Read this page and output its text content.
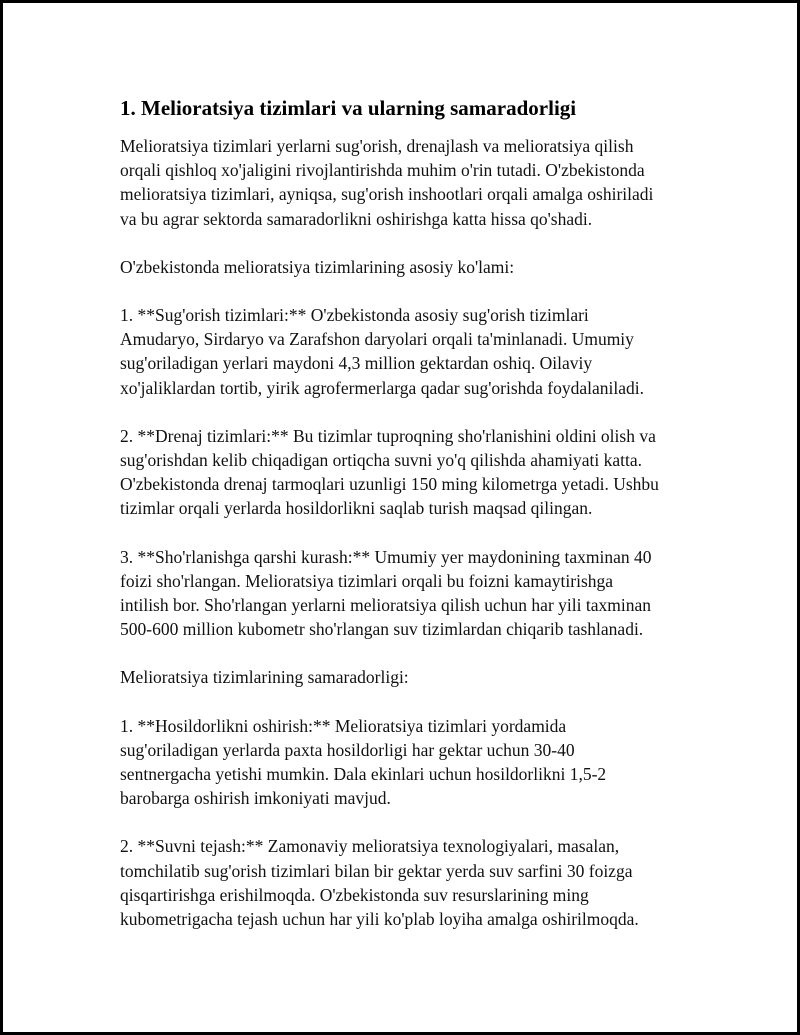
1. Melioratsiya tizimlari va ularning samaradorligi

Melioratsiya tizimlari yerlarni sug'orish, drenajlash va melioratsiya qilish
orqali qishloq xo'jaligini rivojlantirishda muhim o'rin tutadi. O'zbekistonda
melioratsiya tizimlari, ayniqsa, sug'orish inshootlari orqali amalga oshiriladi
va bu agrar sektorda samaradorlikni oshirishga katta hissa qo'shadi.

O'zbekistonda melioratsiya tizimlarining asosiy ko'lami:

1. **Sug'orish tizimlari:** O'zbekistonda asosiy sug'orish tizimlari
Amudaryo, Sirdaryo va Zarafshon daryolari orqali ta'minlanadi. Umumiy
sug'oriladigan yerlari maydoni 4,3 million gektardan oshiq. Oilaviy
xo'jaliklardan tortib, yirik agrofermerlarga qadar sug'orishda foydalaniladi.

2. **Drenaj tizimlari:** Bu tizimlar tuproqning sho'rlanishini oldini olish va
sug'orishdan kelib chiqadigan ortiqcha suvni yo'q qilishda ahamiyati katta.
O'zbekistonda drenaj tarmoqlari uzunligi 150 ming kilometrga yetadi. Ushbu
tizimlar orqali yerlarda hosildorlikni saqlab turish maqsad qilingan.

3. **Sho'rlanishga qarshi kurash:** Umumiy yer maydonining taxminan 40
foizi sho'rlangan. Melioratsiya tizimlari orqali bu foizni kamaytirishga
intilish bor. Sho'rlangan yerlarni melioratsiya qilish uchun har yili taxminan
500-600 million kubometr sho'rlangan suv tizimlardan chiqarib tashlanadi.

Melioratsiya tizimlarining samaradorligi:

1. **Hosildorlikni oshirish:** Melioratsiya tizimlari yordamida
sug'oriladigan yerlarda paxta hosildorligi har gektar uchun 30-40
sentnergacha yetishi mumkin. Dala ekinlari uchun hosildorlikni 1,5-2
barobarga oshirish imkoniyati mavjud.

2. **Suvni tejash:** Zamonaviy melioratsiya texnologiyalari, masalan,
tomchilatib sug'orish tizimlari bilan bir gektar yerda suv sarfini 30 foizga
qisqartirishga erishilmoqda. O'zbekistonda suv resurslarining ming
kubometrigacha tejash uchun har yili ko'plab loyiha amalga oshirilmoqda.
